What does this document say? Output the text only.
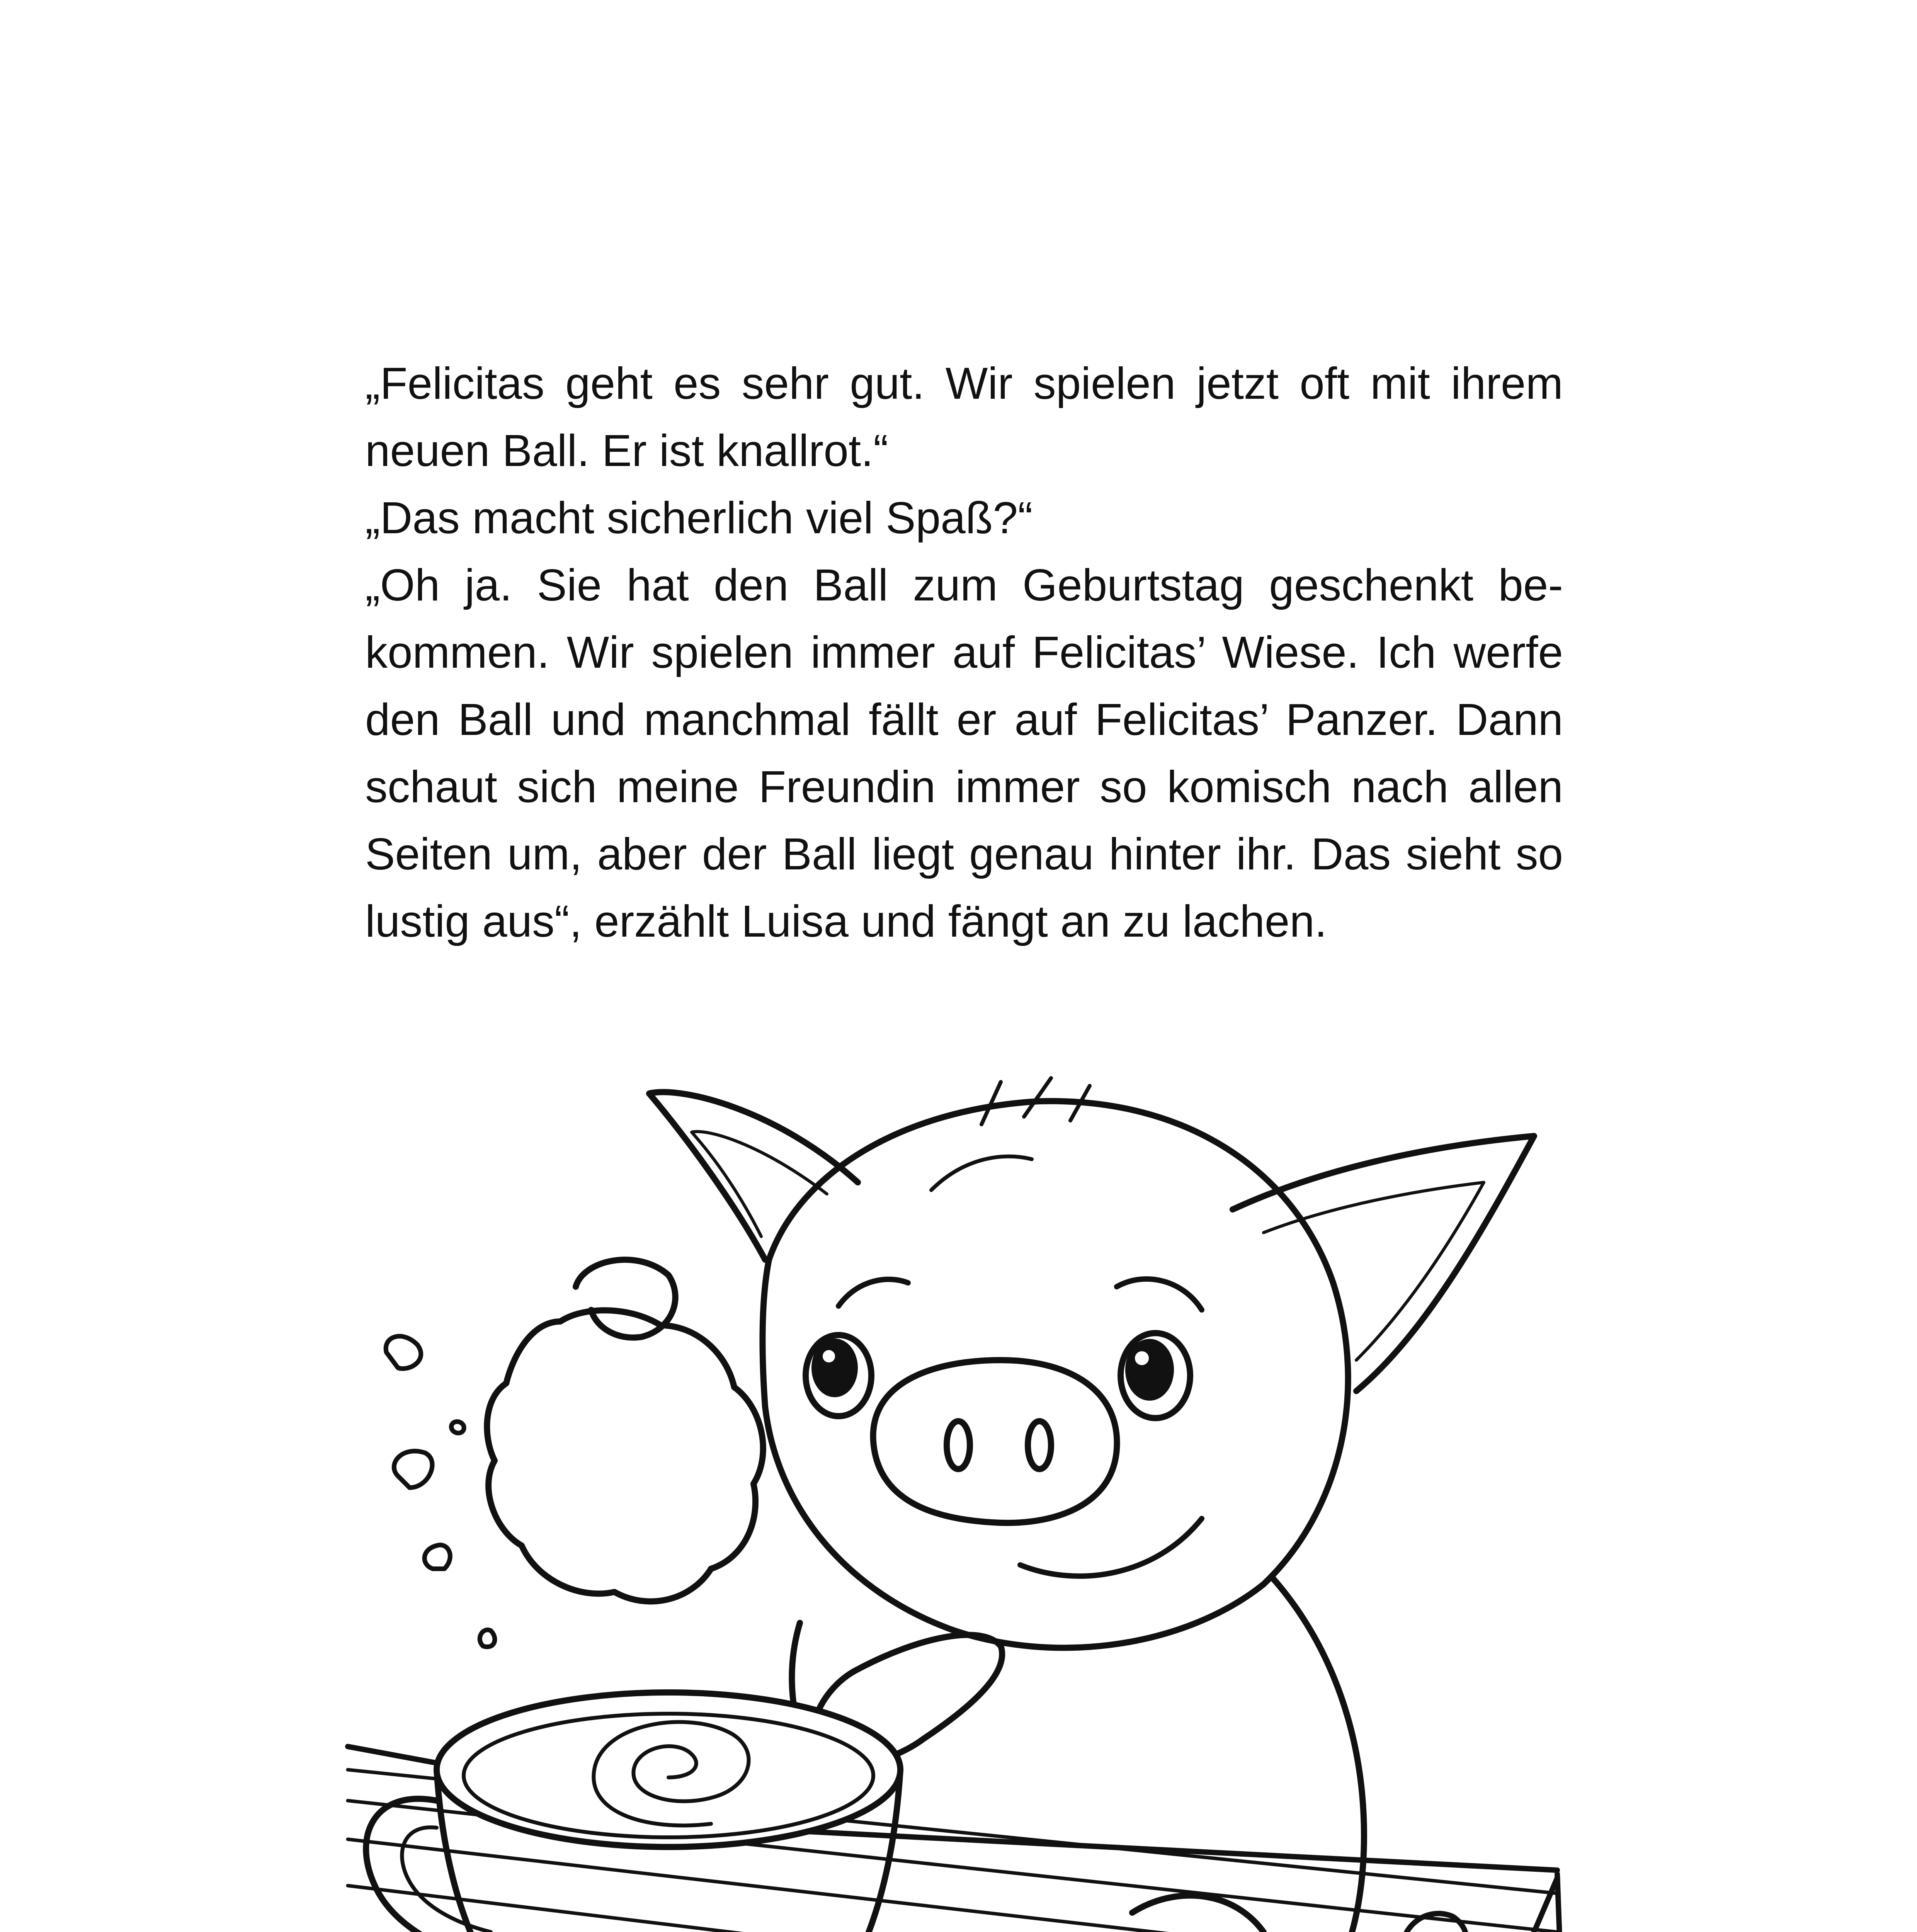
„Felicitas geht es sehr gut. Wir spielen jetzt oft mit ihrem neuen Ball. Er ist knallrot.“

„Das macht sicherlich viel Spaß?“

„Oh ja. Sie hat den Ball zum Geburtstag geschenkt be-kommen. Wir spielen immer auf Felicitas’ Wiese. Ich werfe den Ball und manchmal fällt er auf Felicitas’ Panzer. Dann schaut sich meine Freundin immer so komisch nach allen Seiten um, aber der Ball liegt genau hinter ihr. Das sieht so lustig aus“, erzählt Luisa und fängt an zu lachen.
